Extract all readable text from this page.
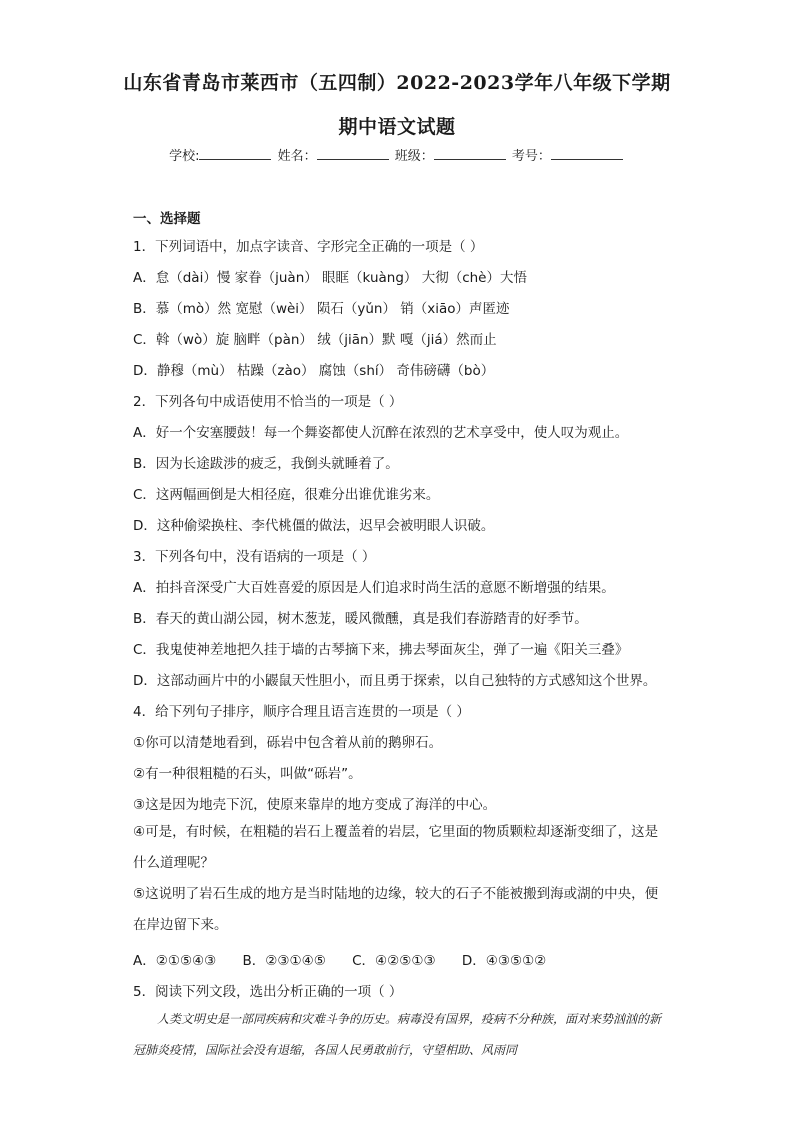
山东省青岛市莱西市（五四制）2022-2023学年八年级下学期
期中语文试题
学校:	姓名：	班级：	考号：
一、选择题
1．下列词语中，加点字读音、字形完全正确的一项是（ ）
A．怠（dài）慢 家眷（juàn） 眼眶（kuàng） 大彻（chè）大悟
B．慕（mò）然 宽慰（wèi） 陨石（yǔn） 销（xiāo）声匿迹
C．斡（wò）旋 脑畔（pàn） 绒（jiān）默 嘎（jiá）然而止
D．静穆（mù） 枯躁（zào） 腐蚀（shí） 奇伟磅礴（bò）
2．下列各句中成语使用不恰当的一项是（ ）
A．好一个安塞腰鼓！每一个舞姿都使人沉醉在浓烈的艺术享受中，使人叹为观止。
B．因为长途跋涉的疲乏，我倒头就睡着了。
C．这两幅画倒是大相径庭，很难分出谁优谁劣来。
D．这种偷梁换柱、李代桃僵的做法，迟早会被明眼人识破。
3．下列各句中，没有语病的一项是（ ）
A．拍抖音深受广大百姓喜爱的原因是人们追求时尚生活的意愿不断增强的结果。
B．春天的黄山湖公园，树木葱茏，暖风微醺，真是我们春游踏青的好季节。
C．我鬼使神差地把久挂于墙的古琴摘下来，拂去琴面灰尘，弹了一遍《阳关三叠》
D．这部动画片中的小鼹鼠天性胆小，而且勇于探索，以自己独特的方式感知这个世界。
4．给下列句子排序，顺序合理且语言连贯的一项是（ ）
①你可以清楚地看到，砾岩中包含着从前的鹅卵石。
②有一种很粗糙的石头，叫做“砾岩”。
③这是因为地壳下沉，使原来靠岸的地方变成了海洋的中心。
④可是，有时候，在粗糙的岩石上覆盖着的岩层，它里面的物质颗粒却逐渐变细了，这是什么道理呢？
⑤这说明了岩石生成的地方是当时陆地的边缘，较大的石子不能被搬到海或湖的中央，便在岸边留下来。
A．②①⑤④③ B．②③①④⑤ C．④②⑤①③ D．④③⑤①②
5．阅读下列文段，选出分析正确的一项（ ）
人类文明史是一部同疾病和灾难斗争的历史。病毒没有国界，疫病不分种族，面对来势汹汹的新冠肺炎疫情，国际社会没有退缩，各国人民勇敢前行，守望相助、风雨同
